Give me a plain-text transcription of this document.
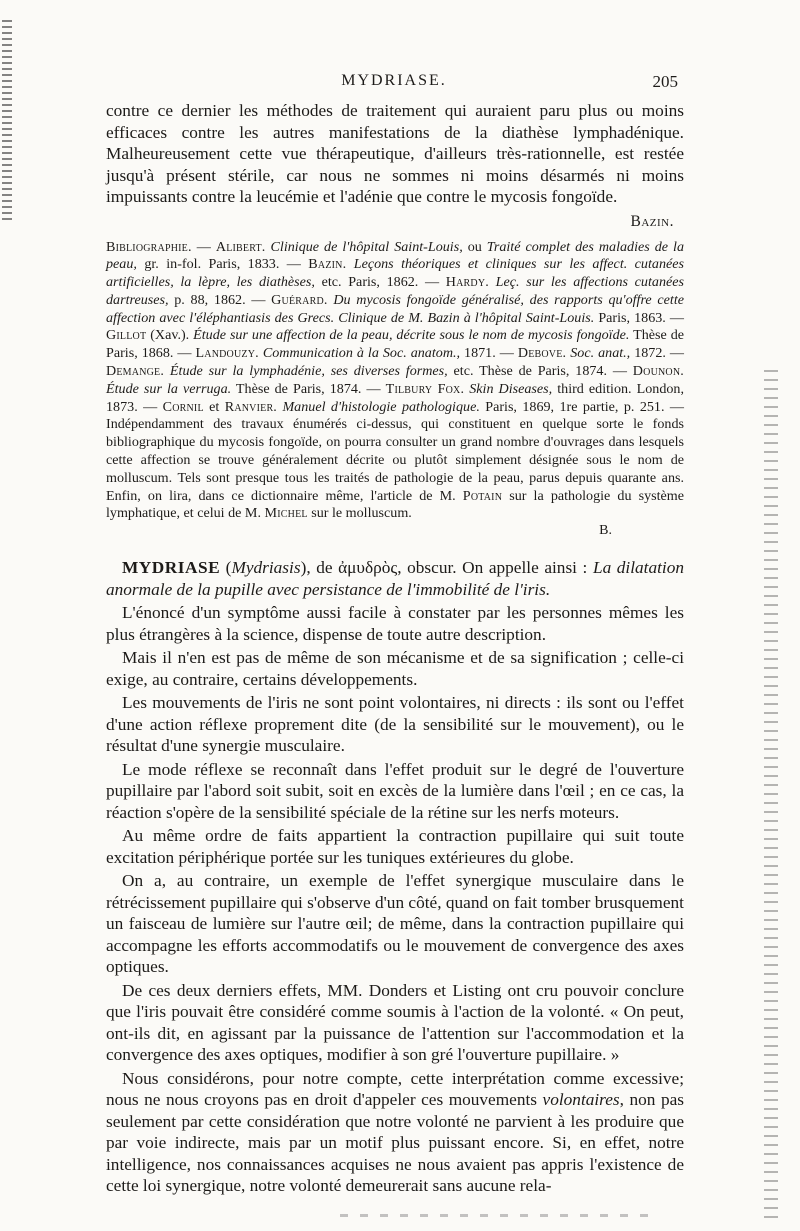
MYDRIASE.	205

contre ce dernier les méthodes de traitement qui auraient paru plus ou moins efficaces contre les autres manifestations de la diathèse lymphadénique. Malheureusement cette vue thérapeutique, d'ailleurs très-rationnelle, est restée jusqu'à présent stérile, car nous ne sommes ni moins désarmés ni moins impuissants contre la leucémie et l'adénie que contre le mycosis fongoïde.

Bazin.

Bibliographie. — Alibert. Clinique de l'hôpital Saint-Louis, ou Traité complet des maladies de la peau, gr. in-fol. Paris, 1833. — Bazin. Leçons théoriques et cliniques sur les affect. cutanées artificielles, la lèpre, les diathèses, etc. Paris, 1862. — Hardy. Leç. sur les affections cutanées dartreuses, p. 88, 1862. — Guérard. Du mycosis fongoïde généralisé, des rapports qu'offre cette affection avec l'éléphantiasis des Grecs. Clinique de M. Bazin à l'hôpital Saint-Louis. Paris, 1863. — Gillot (Xav.). Étude sur une affection de la peau, décrite sous le nom de mycosis fongoïde. Thèse de Paris, 1868. — Landouzy. Communication à la Soc. anatom., 1871. — Debove. Soc. anat., 1872. — Demange. Étude sur la lymphadénie, ses diverses formes, etc. Thèse de Paris, 1874. — Dounon. Étude sur la verruga. Thèse de Paris, 1874. — Tilbury Fox. Skin Diseases, third edition. London, 1873. — Cornil et Ranvier. Manuel d'histologie pathologique. Paris, 1869, 1re partie, p. 251. — Indépendamment des travaux énumérés ci-dessus, qui constituent en quelque sorte le fonds bibliographique du mycosis fongoïde, on pourra consulter un grand nombre d'ouvrages dans lesquels cette affection se trouve généralement décrite ou plutôt simplement désignée sous le nom de molluscum. Tels sont presque tous les traités de pathologie de la peau, parus depuis quarante ans. Enfin, on lira, dans ce dictionnaire même, l'article de M. Potain sur la pathologie du système lymphatique, et celui de M. Michel sur le molluscum.

B.

MYDRIASE (Mydriasis), de ἀμυδρὸς, obscur. On appelle ainsi : La dilatation anormale de la pupille avec persistance de l'immobilité de l'iris.

L'énoncé d'un symptôme aussi facile à constater par les personnes mêmes les plus étrangères à la science, dispense de toute autre description.

Mais il n'en est pas de même de son mécanisme et de sa signification ; celle-ci exige, au contraire, certains développements.

Les mouvements de l'iris ne sont point volontaires, ni directs : ils sont ou l'effet d'une action réflexe proprement dite (de la sensibilité sur le mouvement), ou le résultat d'une synergie musculaire.

Le mode réflexe se reconnaît dans l'effet produit sur le degré de l'ouverture pupillaire par l'abord soit subit, soit en excès de la lumière dans l'œil ; en ce cas, la réaction s'opère de la sensibilité spéciale de la rétine sur les nerfs moteurs.

Au même ordre de faits appartient la contraction pupillaire qui suit toute excitation périphérique portée sur les tuniques extérieures du globe.

On a, au contraire, un exemple de l'effet synergique musculaire dans le rétrécissement pupillaire qui s'observe d'un côté, quand on fait tomber brusquement un faisceau de lumière sur l'autre œil; de même, dans la contraction pupillaire qui accompagne les efforts accommodatifs ou le mouvement de convergence des axes optiques.

De ces deux derniers effets, MM. Donders et Listing ont cru pouvoir conclure que l'iris pouvait être considéré comme soumis à l'action de la volonté. « On peut, ont-ils dit, en agissant par la puissance de l'attention sur l'accommodation et la convergence des axes optiques, modifier à son gré l'ouverture pupillaire. »

Nous considérons, pour notre compte, cette interprétation comme excessive; nous ne nous croyons pas en droit d'appeler ces mouvements volontaires, non pas seulement par cette considération que notre volonté ne parvient à les produire que par voie indirecte, mais par un motif plus puissant encore. Si, en effet, notre intelligence, nos connaissances acquises ne nous avaient pas appris l'existence de cette loi synergique, notre volonté demeurerait sans aucune rela-
